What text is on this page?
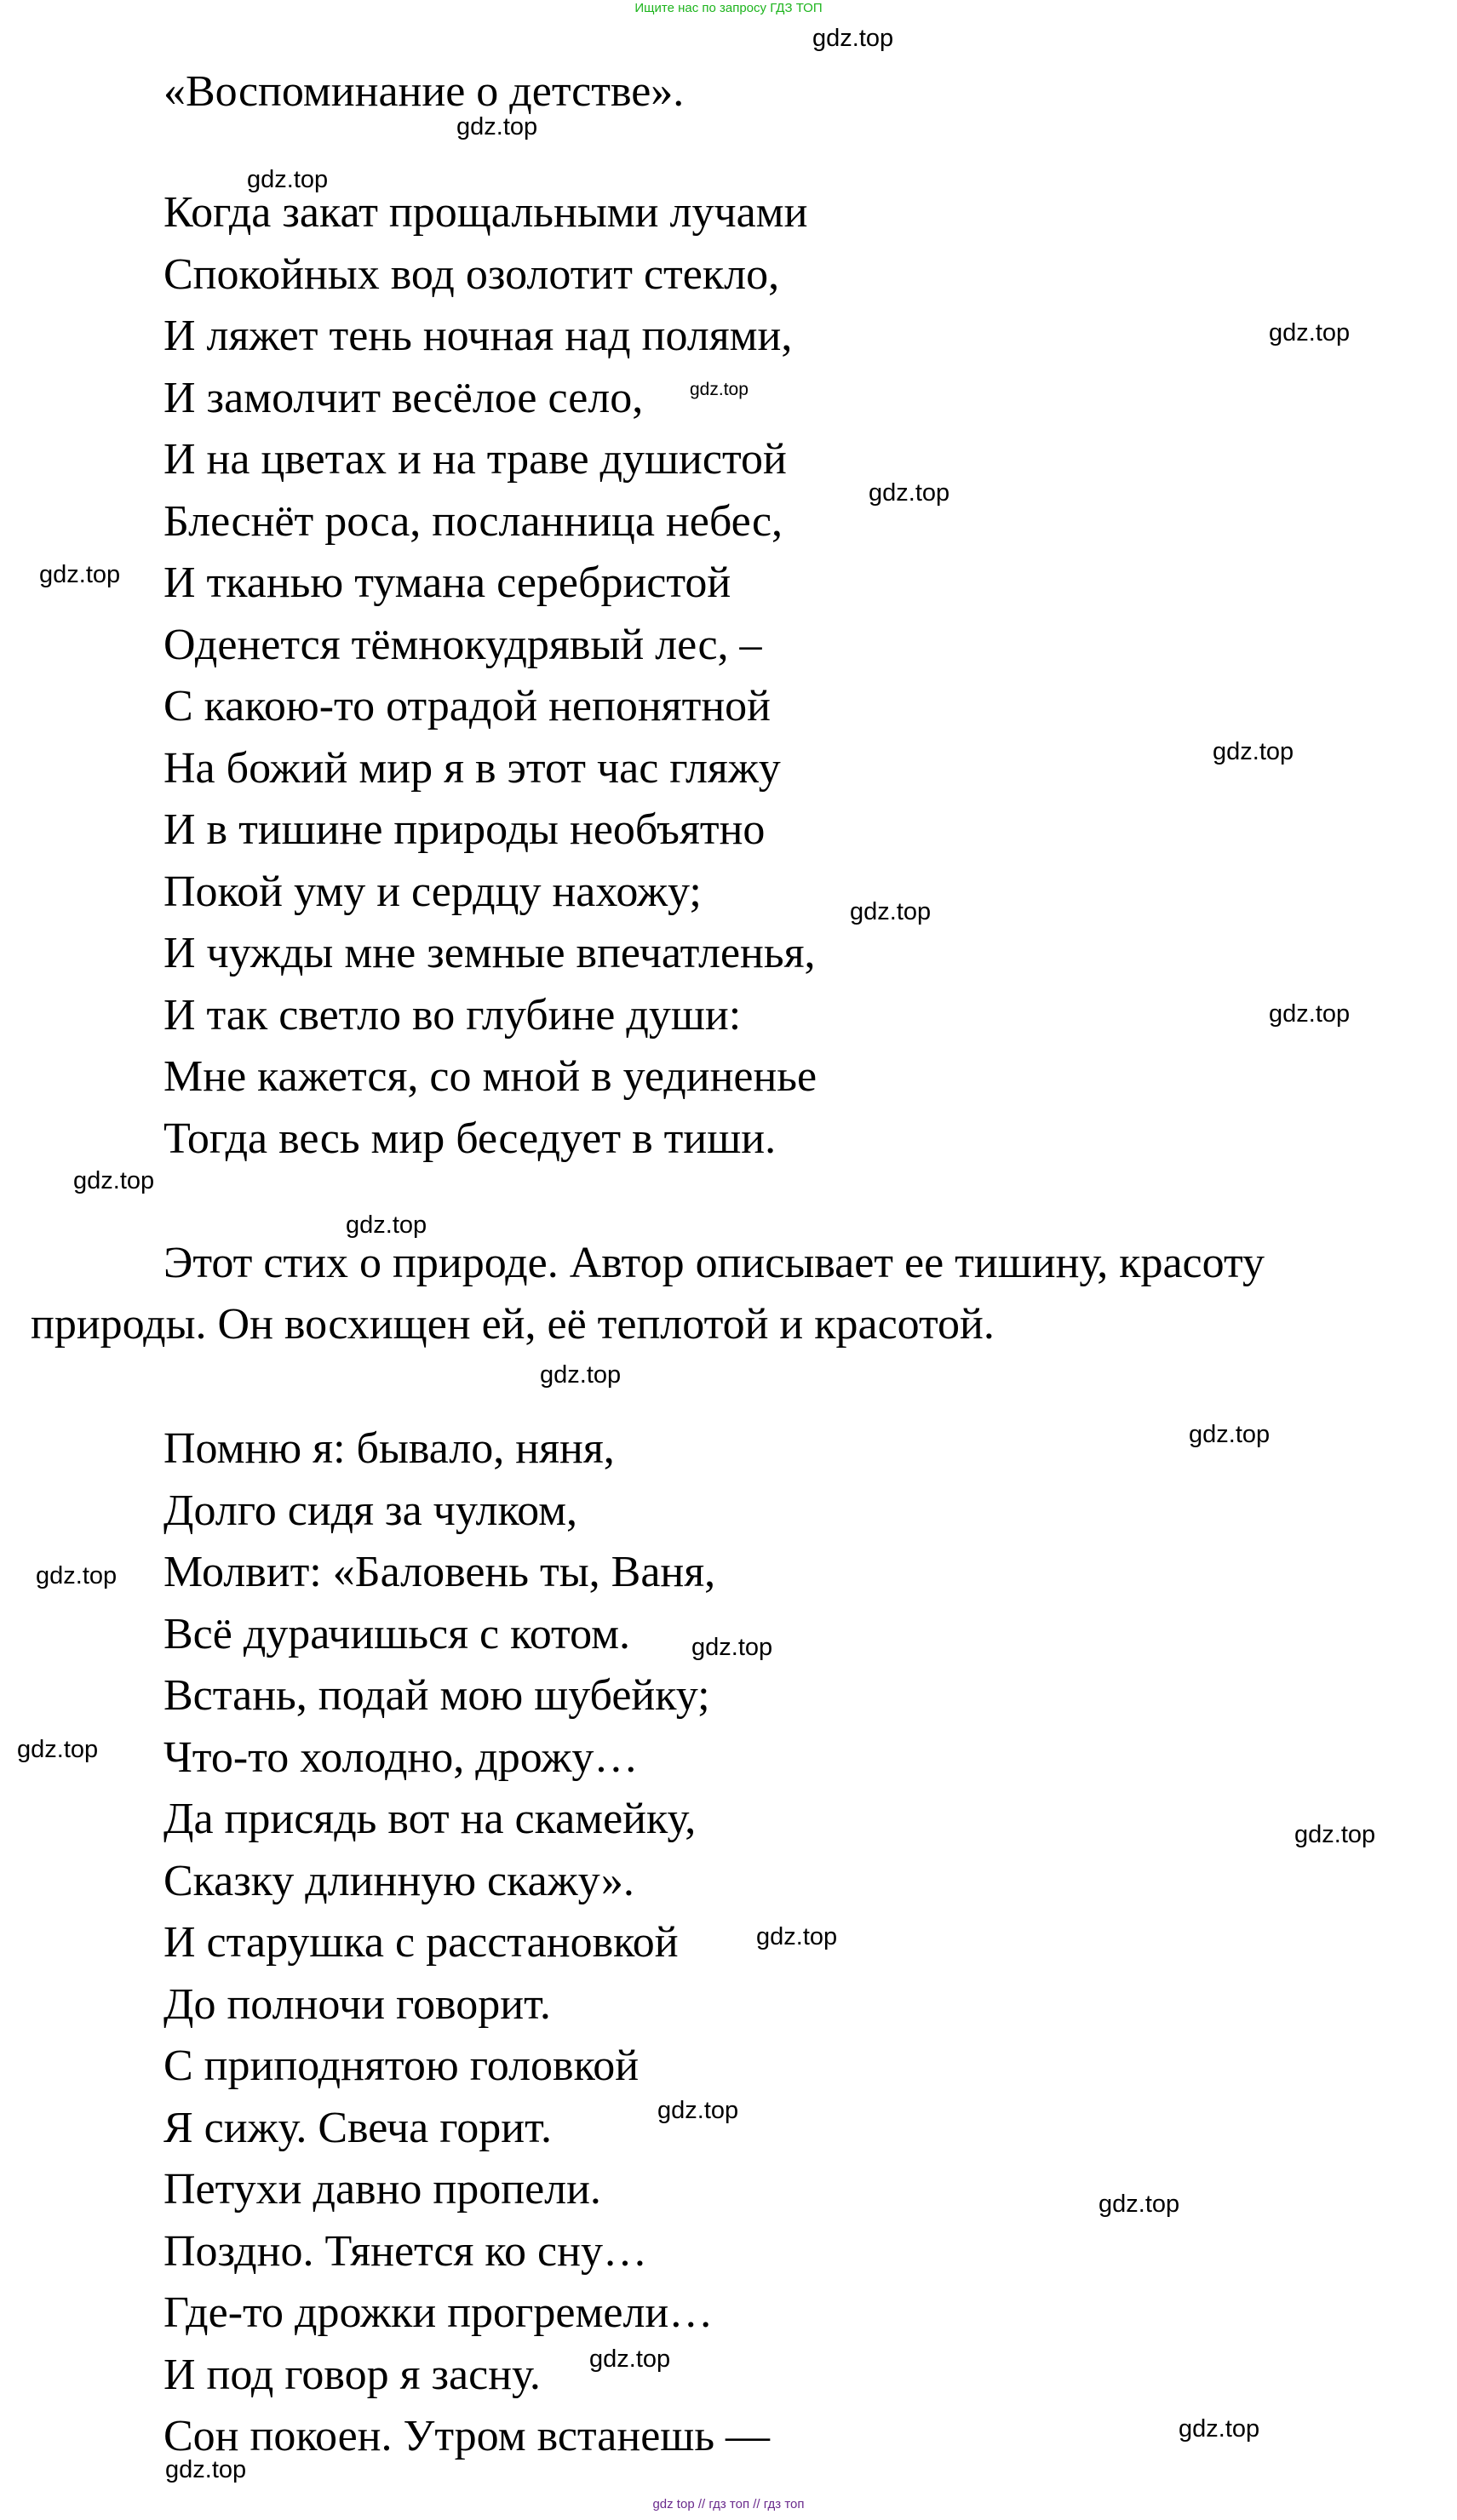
Ищите нас по запросу ГДЗ ТОП
«Воспоминание о детстве».
Когда закат прощальными лучами
Спокойных вод озолотит стекло,
И ляжет тень ночная над полями,
И замолчит весёлое село,
И на цветах и на траве душистой
Блеснёт роса, посланница небес,
И тканью тумана серебристой
Оденется тёмнокудрявый лес, –
С какою-то отрадой непонятной
На божий мир я в этот час гляжу
И в тишине природы необъятно
Покой уму и сердцу нахожу;
И чужды мне земные впечатленья,
И так светло во глубине души:
Мне кажется, со мной в уединенье
Тогда весь мир беседует в тиши.

Этот стих о природе. Автор описывает ее тишину, красоту природы. Он восхищен ей, её теплотой и красотой.

Помню я: бывало, няня,
Долго сидя за чулком,
Молвит: «Баловень ты, Ваня,
Всё дурачишься с котом.
Встань, подай мою шубейку;
Что-то холодно, дрожу…
Да присядь вот на скамейку,
Сказку длинную скажу».
И старушка с расстановкой
До полночи говорит.
С приподнятою головкой
Я сижу. Свеча горит.
Петухи давно пропели.
Поздно. Тянется ко сну…
Где-то дрожки прогремели…
И под говор я засну.
Сон покоен. Утром встанешь —
gdz.top
gdz.top
gdz.top
gdz.top
gdz.top
gdz.top
gdz.top
gdz.top
gdz.top
gdz.top
gdz.top
gdz.top
gdz.top
gdz.top
gdz.top
gdz.top
gdz.top
gdz.top
gdz.top
gdz.top
gdz.top
gdz.top
gdz.top
gdz.top
gdz top // гдз топ // гдз топ
